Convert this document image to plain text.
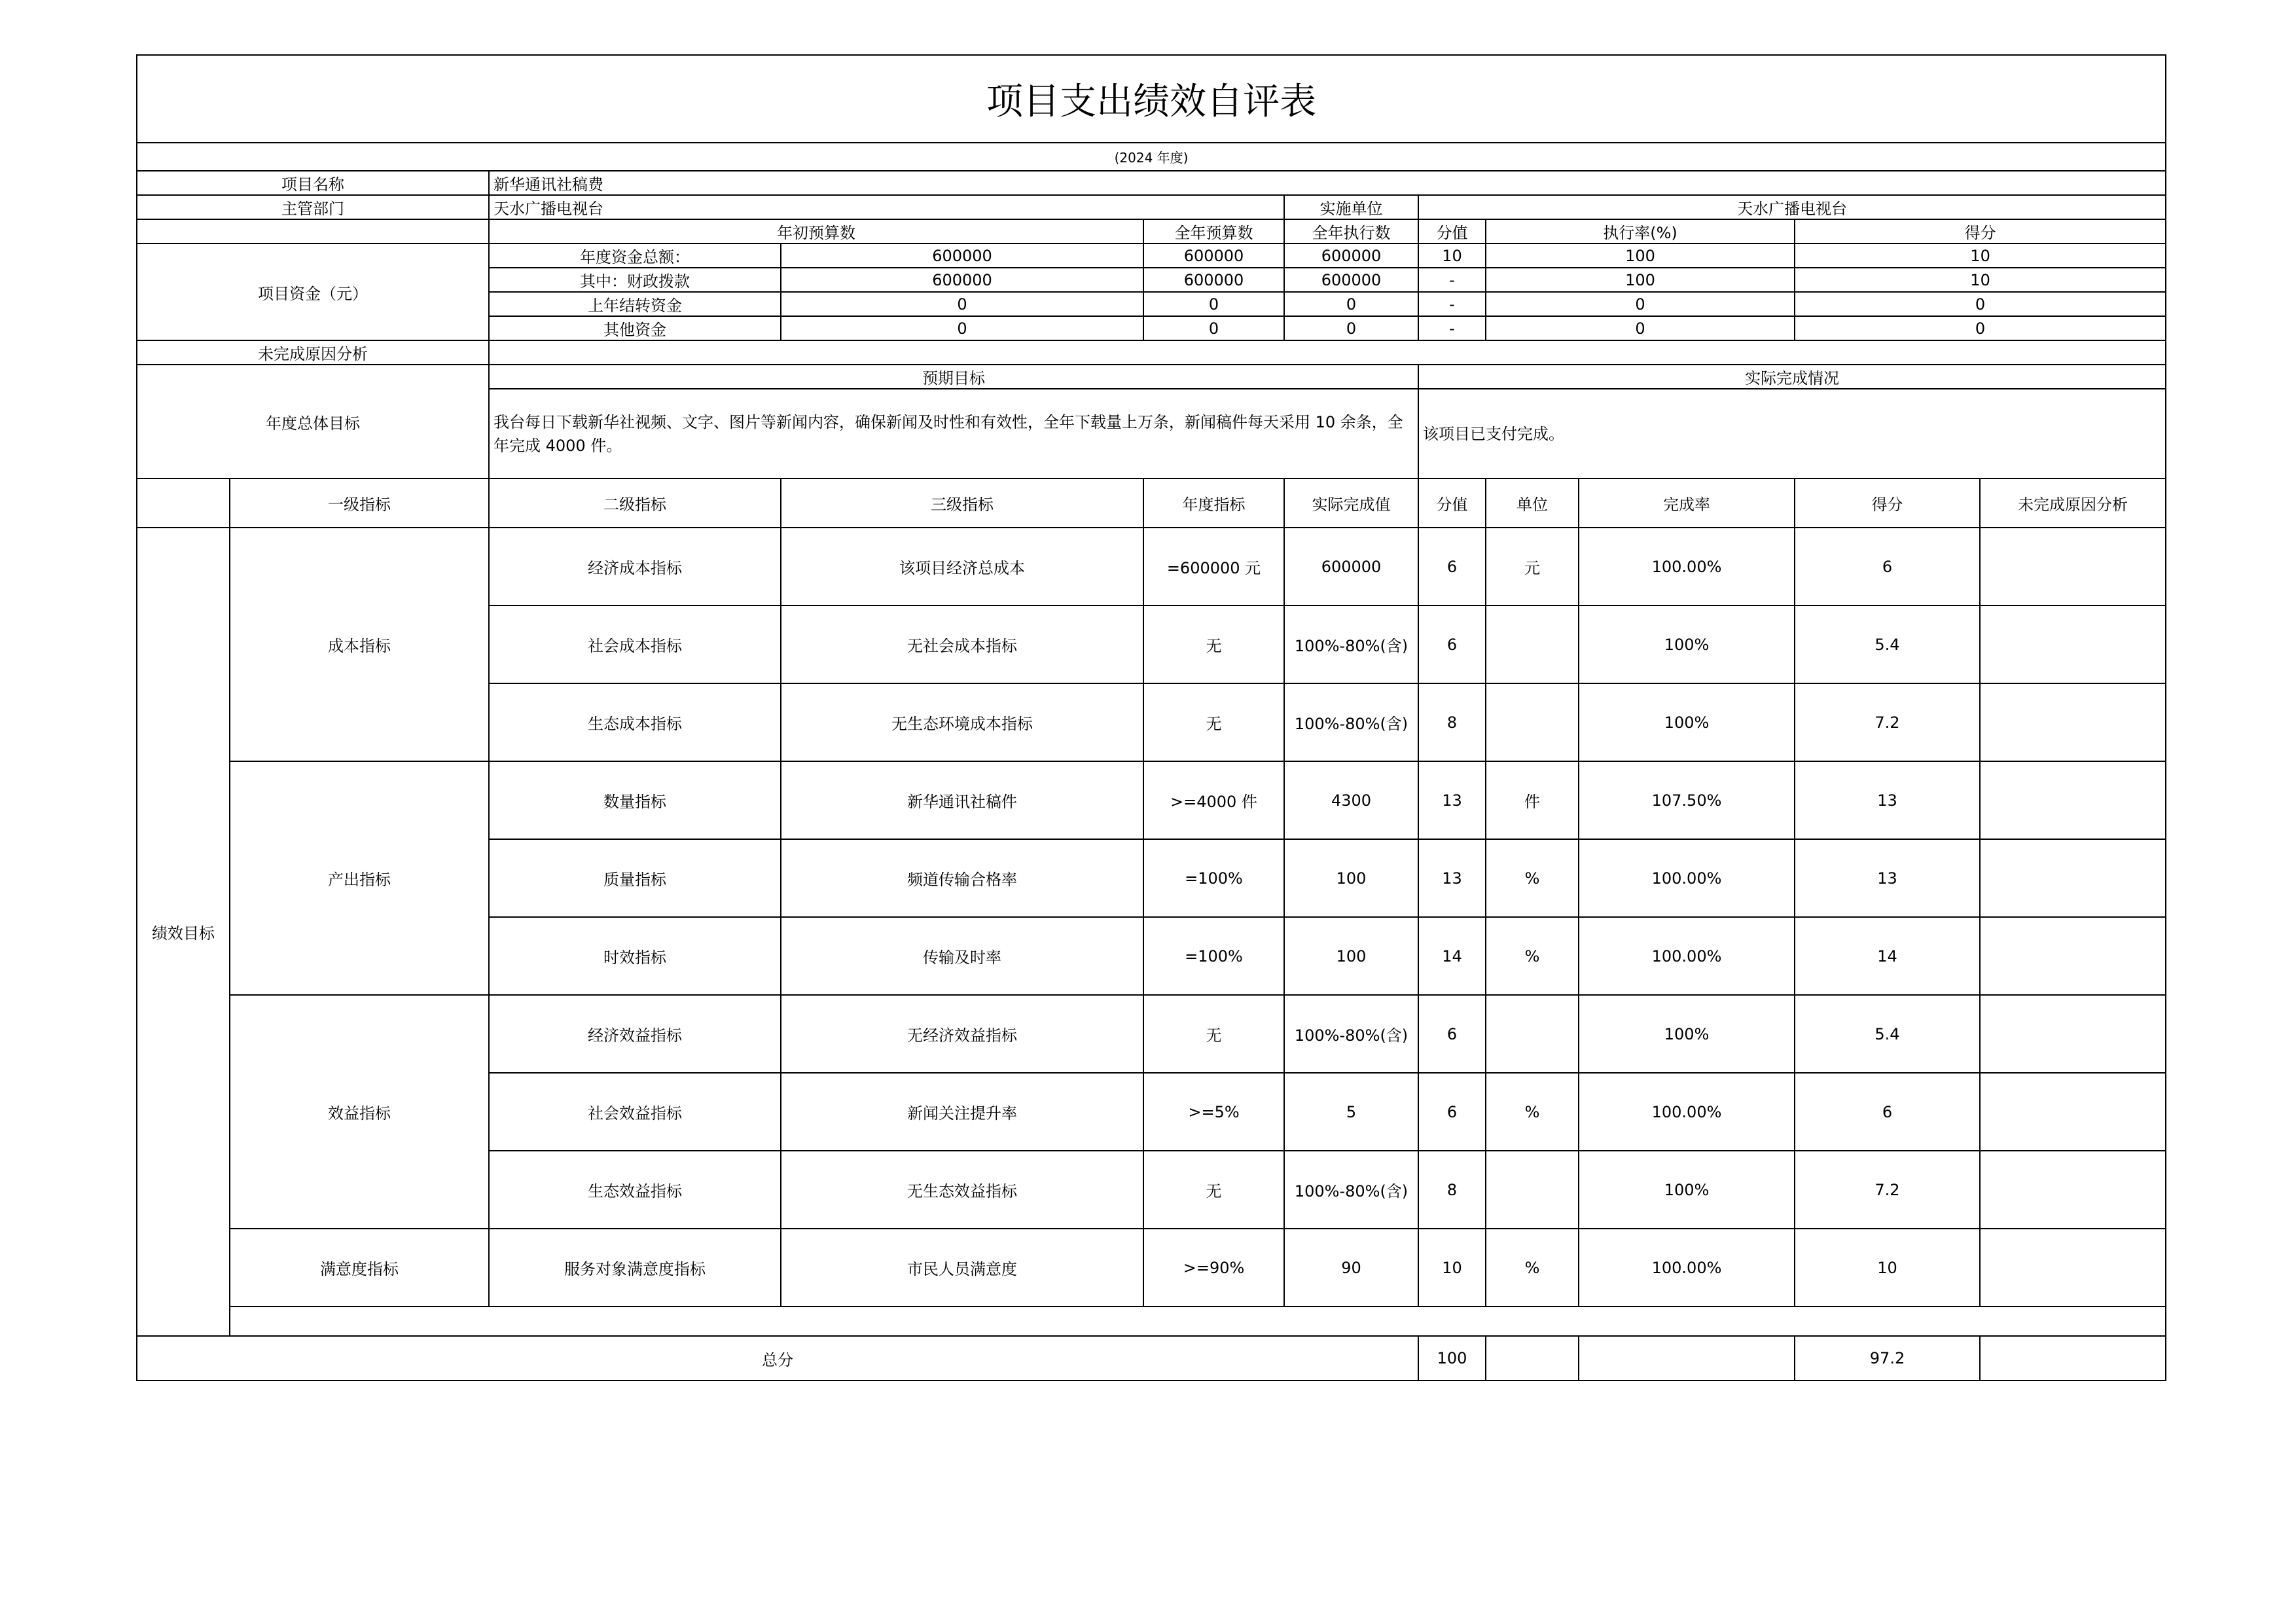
项目支出绩效自评表										
(2024 年度)										
项目名称		新华通讯社稿费								
主管部门		天水广播电视台			实施单位	天水广播电视台				
		年初预算数		全年预算数	全年执行数	分值	执行率(%)		得分	
项目资金（元）		年度资金总额：	600000	600000	600000	10	100		10	
		其中：财政拨款	600000	600000	600000	-	100		10	
		上年结转资金	0	0	0	-	0		0	
		其他资金	0	0	0	-	0		0	
未完成原因分析										
年度总体目标		预期目标				实际完成情况				
		我台每日下载新华社视频、文字、图片等新闻内容，确保新闻及时性和有效性，全年下载量上万条，新闻稿件每天采用 10 余条，全年完成 4000 件。				该项目已支付完成。				
	一级指标	二级指标	三级指标	年度指标	实际完成值	分值	单位	完成率	得分	未完成原因分析
绩效目标	成本指标	经济成本指标	该项目经济总成本	=600000 元	600000	6	元	100.00%	6	
		社会成本指标	无社会成本指标	无	100%-80%(含)	6		100%	5.4	
		生态成本指标	无生态环境成本指标	无	100%-80%(含)	8		100%	7.2	
	产出指标	数量指标	新华通讯社稿件	>=4000 件	4300	13	件	107.50%	13	
		质量指标	频道传输合格率	=100%	100	13	%	100.00%	13	
		时效指标	传输及时率	=100%	100	14	%	100.00%	14	
	效益指标	经济效益指标	无经济效益指标	无	100%-80%(含)	6		100%	5.4	
		社会效益指标	新闻关注提升率	>=5%	5	6	%	100.00%	6	
		生态效益指标	无生态效益指标	无	100%-80%(含)	8		100%	7.2	
	满意度指标	服务对象满意度指标	市民人员满意度	>=90%	90	10	%	100.00%	10	

总分						100			97.2	
